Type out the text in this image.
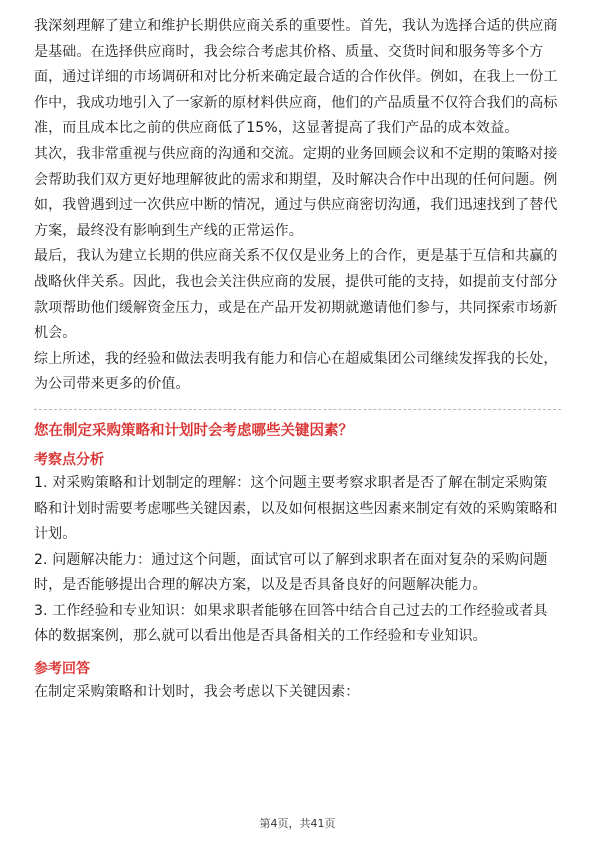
我深刻理解了建立和维护长期供应商关系的重要性。首先，我认为选择合适的供应商是基础。在选择供应商时，我会综合考虑其价格、质量、交货时间和服务等多个方面，通过详细的市场调研和对比分析来确定最合适的合作伙伴。例如，在我上一份工作中，我成功地引入了一家新的原材料供应商，他们的产品质量不仅符合我们的高标准，而且成本比之前的供应商低了15%，这显著提高了我们产品的成本效益。

其次，我非常重视与供应商的沟通和交流。定期的业务回顾会议和不定期的策略对接会帮助我们双方更好地理解彼此的需求和期望，及时解决合作中出现的任何问题。例如，我曾遇到过一次供应中断的情况，通过与供应商密切沟通，我们迅速找到了替代方案，最终没有影响到生产线的正常运作。

最后，我认为建立长期的供应商关系不仅仅是业务上的合作，更是基于互信和共赢的战略伙伴关系。因此，我也会关注供应商的发展，提供可能的支持，如提前支付部分款项帮助他们缓解资金压力，或是在产品开发初期就邀请他们参与，共同探索市场新机会。

综上所述，我的经验和做法表明我有能力和信心在超威集团公司继续发挥我的长处，为公司带来更多的价值。

您在制定采购策略和计划时会考虑哪些关键因素？

考察点分析

1. 对采购策略和计划制定的理解：这个问题主要考察求职者是否了解在制定采购策略和计划时需要考虑哪些关键因素，以及如何根据这些因素来制定有效的采购策略和计划。

2. 问题解决能力：通过这个问题，面试官可以了解到求职者在面对复杂的采购问题时，是否能够提出合理的解决方案，以及是否具备良好的问题解决能力。

3. 工作经验和专业知识：如果求职者能够在回答中结合自己过去的工作经验或者具体的数据案例，那么就可以看出他是否具备相关的工作经验和专业知识。

参考回答

在制定采购策略和计划时，我会考虑以下关键因素：

第4页，共41页
